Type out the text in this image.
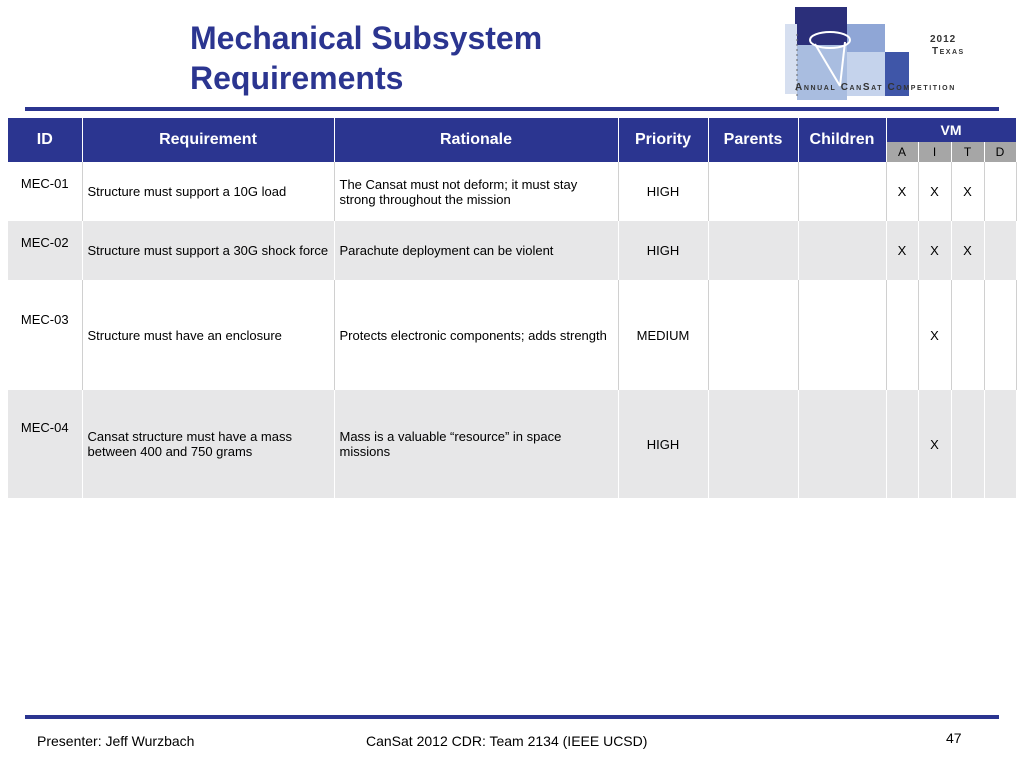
Mechanical Subsystem
Requirements
2012
Texas
Annual CanSat Competition
ID	Requirement	Rationale	Priority	Parents	Children	VM			
						A	I	T	D
MEC-01	Structure must support a 10G load	The Cansat must not deform; it must stay strong throughout the mission	HIGH			X	X	X	
MEC-02	Structure must support a 30G shock force	Parachute deployment can be violent	HIGH			X	X	X	
MEC-03	Structure must have an enclosure	Protects electronic components; adds strength	MEDIUM				X		
MEC-04	Cansat structure must have a mass between 400 and 750 grams	Mass is a valuable “resource” in space missions	HIGH				X		
Presenter: Jeff Wurzbach	CanSat 2012 CDR: Team 2134 (IEEE UCSD)	47
